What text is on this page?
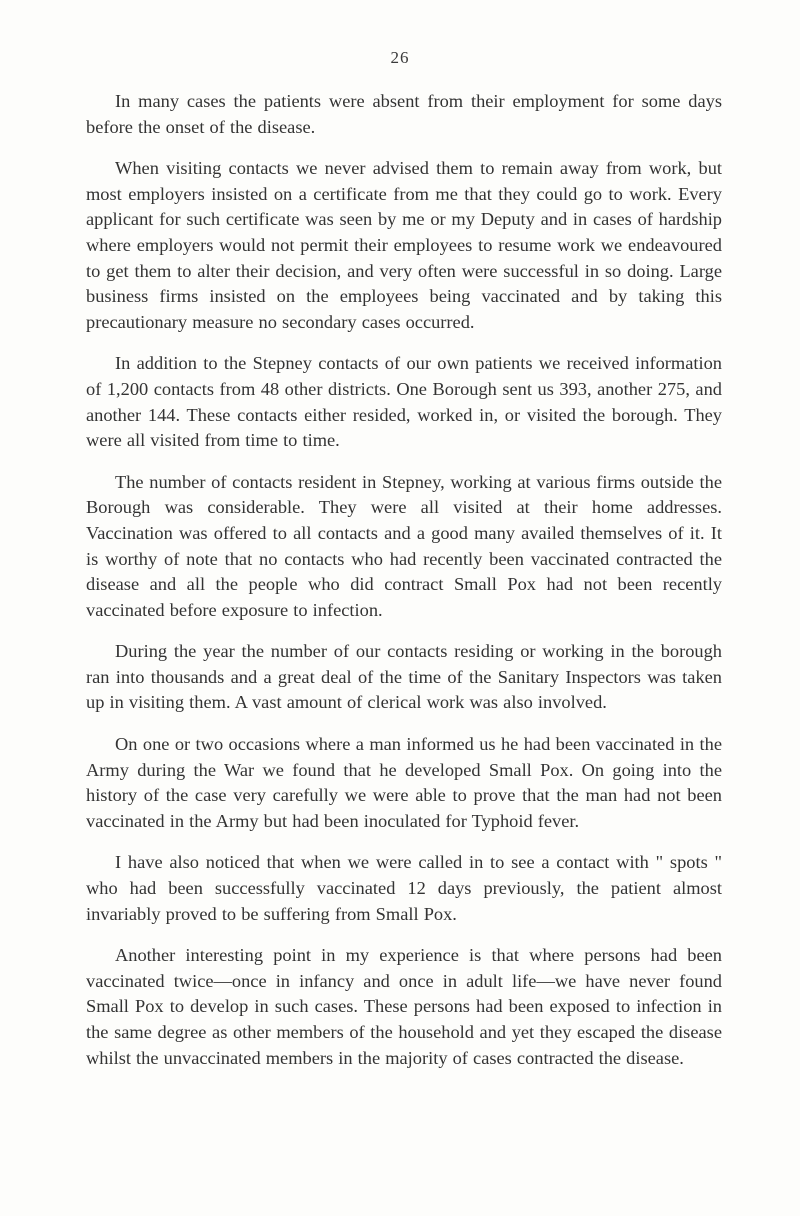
26

In many cases the patients were absent from their employment for some days before the onset of the disease.

When visiting contacts we never advised them to remain away from work, but most employers insisted on a certificate from me that they could go to work. Every applicant for such certificate was seen by me or my Deputy and in cases of hardship where employers would not permit their employees to resume work we endeavoured to get them to alter their decision, and very often were successful in so doing. Large business firms insisted on the employees being vaccinated and by taking this precautionary measure no secondary cases occurred.

In addition to the Stepney contacts of our own patients we received information of 1,200 contacts from 48 other districts. One Borough sent us 393, another 275, and another 144. These contacts either resided, worked in, or visited the borough. They were all visited from time to time.

The number of contacts resident in Stepney, working at various firms outside the Borough was considerable. They were all visited at their home addresses. Vaccination was offered to all contacts and a good many availed themselves of it. It is worthy of note that no contacts who had recently been vaccinated contracted the disease and all the people who did contract Small Pox had not been recently vaccinated before exposure to infection.

During the year the number of our contacts residing or working in the borough ran into thousands and a great deal of the time of the Sanitary Inspectors was taken up in visiting them. A vast amount of clerical work was also involved.

On one or two occasions where a man informed us he had been vaccinated in the Army during the War we found that he developed Small Pox. On going into the history of the case very carefully we were able to prove that the man had not been vaccinated in the Army but had been inoculated for Typhoid fever.

I have also noticed that when we were called in to see a contact with " spots " who had been successfully vaccinated 12 days previously, the patient almost invariably proved to be suffering from Small Pox.

Another interesting point in my experience is that where persons had been vaccinated twice—once in infancy and once in adult life—we have never found Small Pox to develop in such cases. These persons had been exposed to infection in the same degree as other members of the household and yet they escaped the disease whilst the unvaccinated members in the majority of cases contracted the disease.
